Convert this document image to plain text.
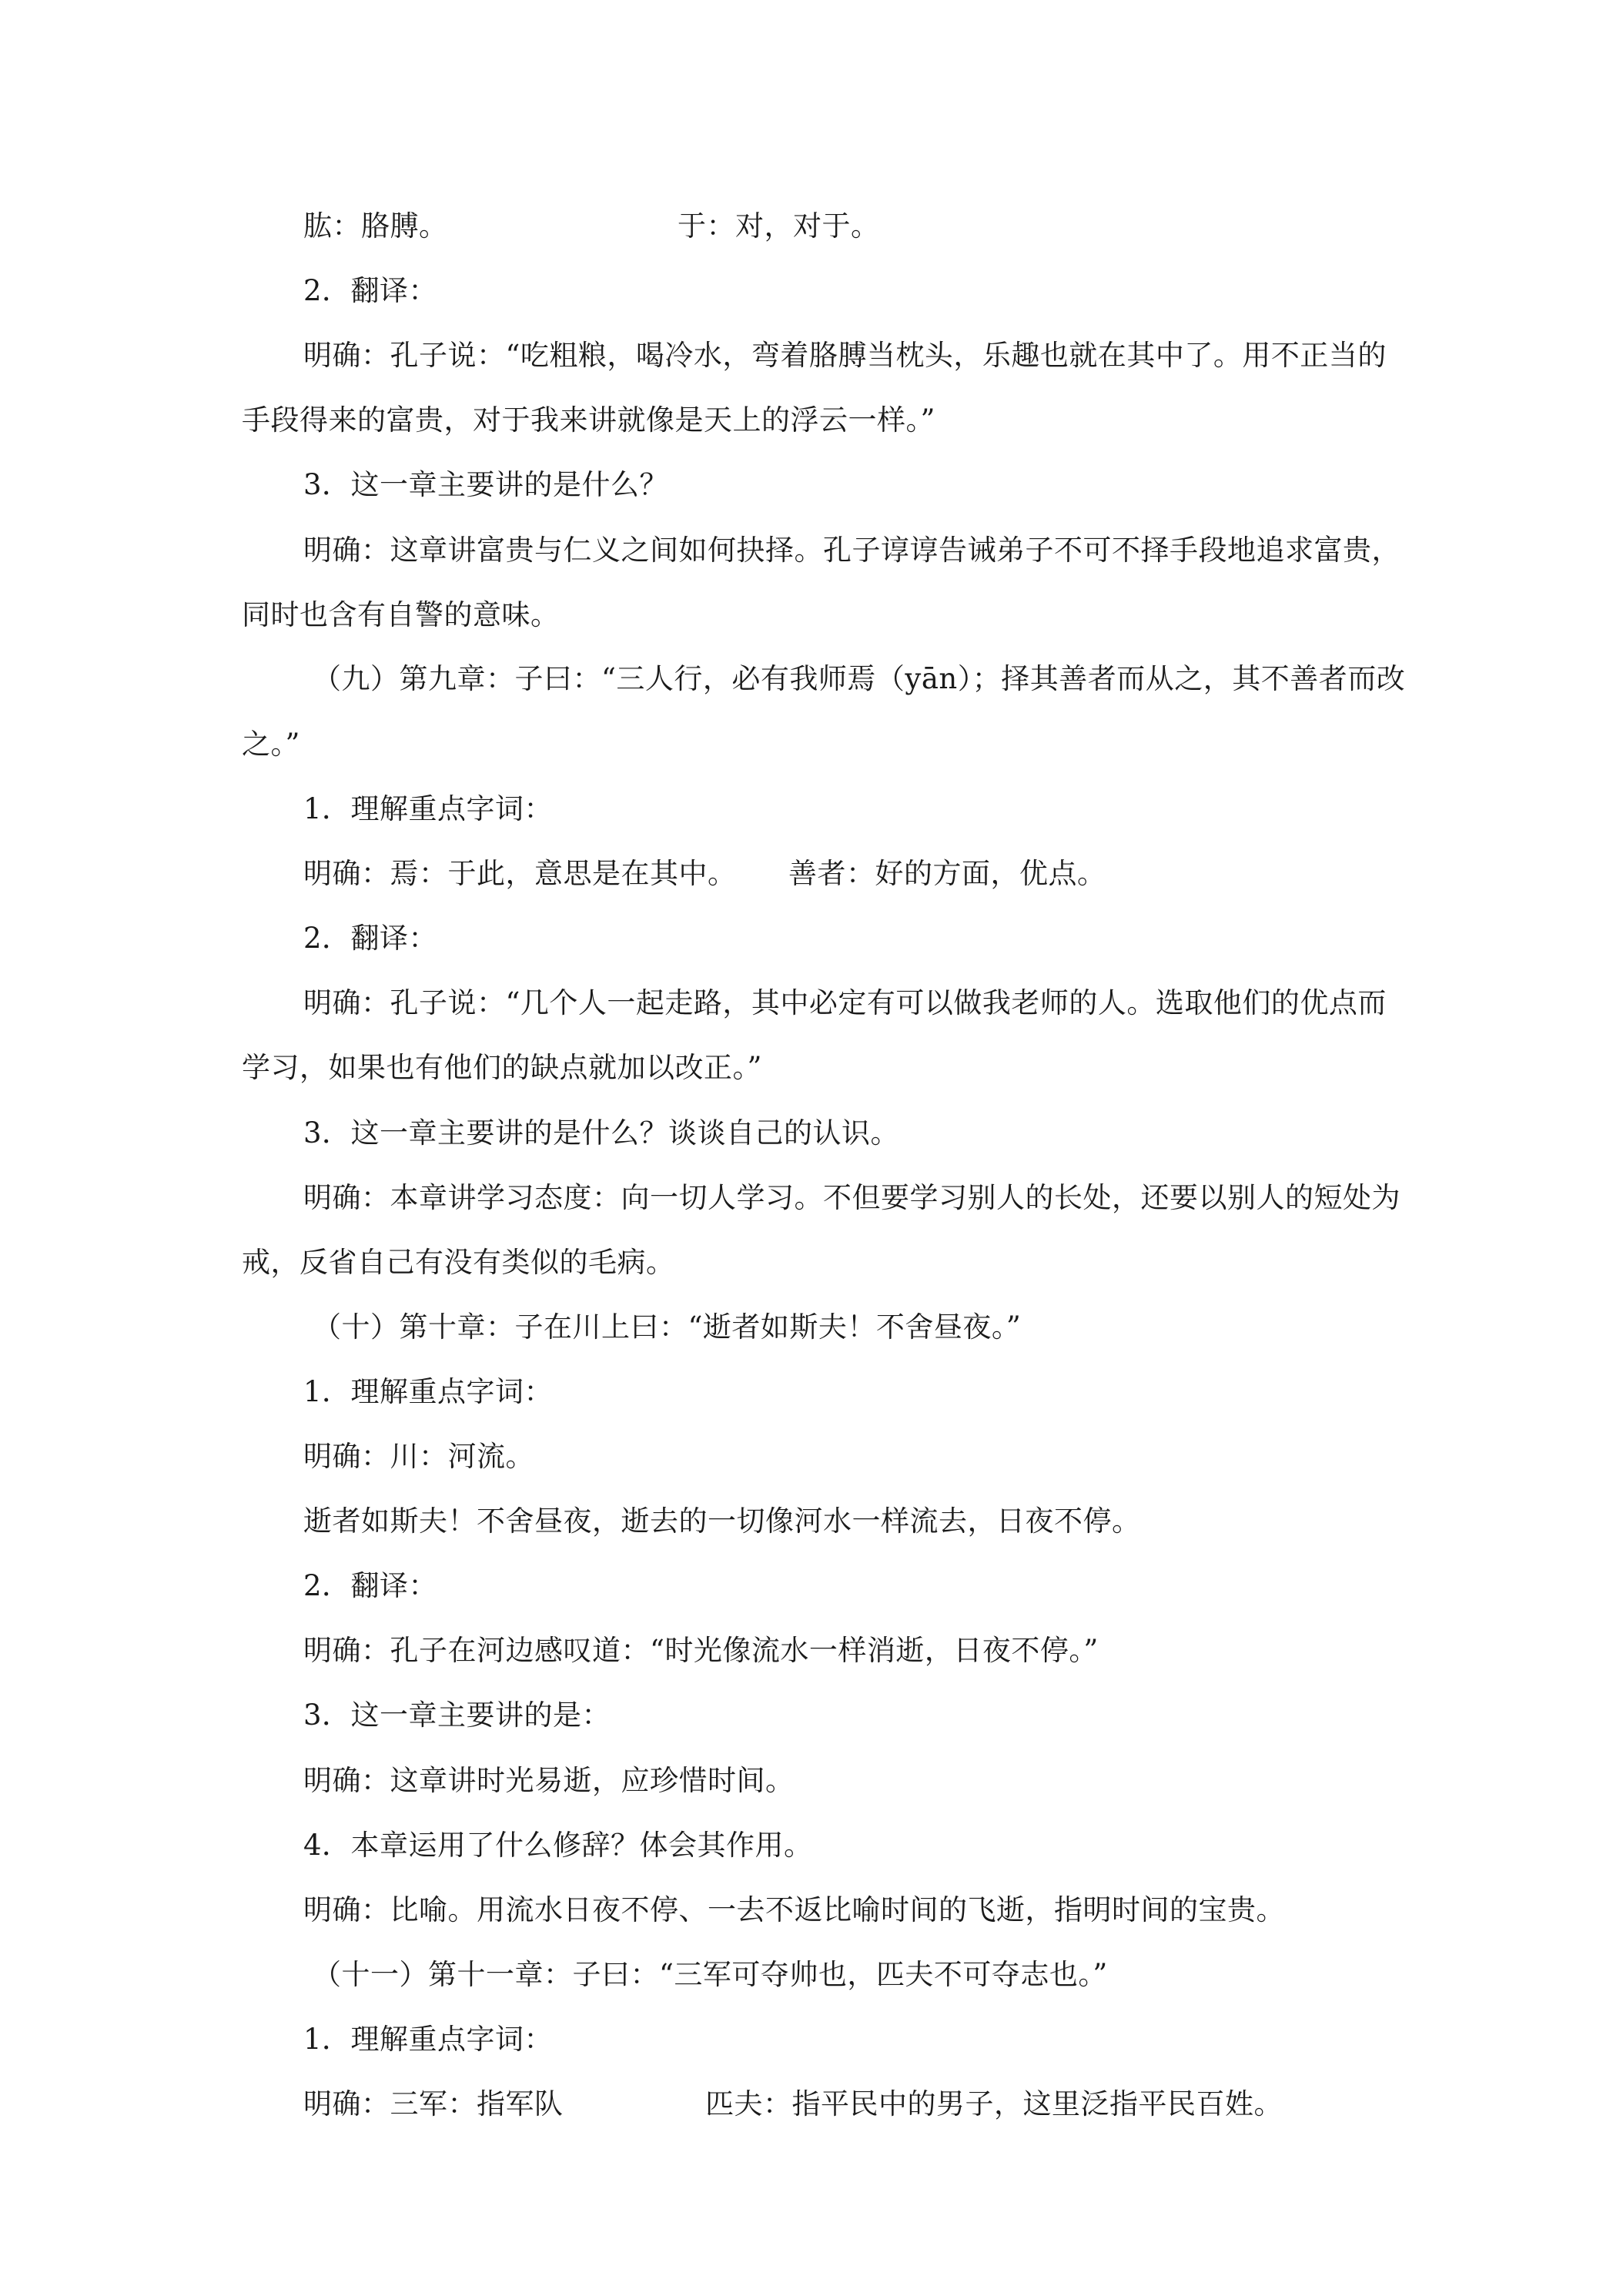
肱：胳膊。	于：对，对于。
2．翻译：
明确：孔子说：“吃粗粮，喝冷水，弯着胳膊当枕头，乐趣也就在其中了。用不正当的
手段得来的富贵，对于我来讲就像是天上的浮云一样。”
3．这一章主要讲的是什么？
明确：这章讲富贵与仁义之间如何抉择。孔子谆谆告诫弟子不可不择手段地追求富贵，
同时也含有自警的意味。
（九）第九章：子曰：“三人行，必有我师焉（yān）；择其善者而从之，其不善者而改
之。”
1．理解重点字词：
明确：焉：于此，意思是在其中。 善者：好的方面，优点。
2．翻译：
明确：孔子说：“几个人一起走路，其中必定有可以做我老师的人。选取他们的优点而
学习，如果也有他们的缺点就加以改正。”
3．这一章主要讲的是什么？谈谈自己的认识。
明确：本章讲学习态度：向一切人学习。不但要学习别人的长处，还要以别人的短处为
戒，反省自己有没有类似的毛病。
（十）第十章：子在川上曰：“逝者如斯夫！不舍昼夜。”
1．理解重点字词：
明确：川：河流。
逝者如斯夫！不舍昼夜，逝去的一切像河水一样流去，日夜不停。
2．翻译：
明确：孔子在河边感叹道：“时光像流水一样消逝，日夜不停。”
3．这一章主要讲的是：
明确：这章讲时光易逝，应珍惜时间。
4．本章运用了什么修辞？体会其作用。
明确：比喻。用流水日夜不停、一去不返比喻时间的飞逝，指明时间的宝贵。
（十一）第十一章：子曰：“三军可夺帅也，匹夫不可夺志也。”
1．理解重点字词：
明确：三军：指军队	匹夫：指平民中的男子，这里泛指平民百姓。
